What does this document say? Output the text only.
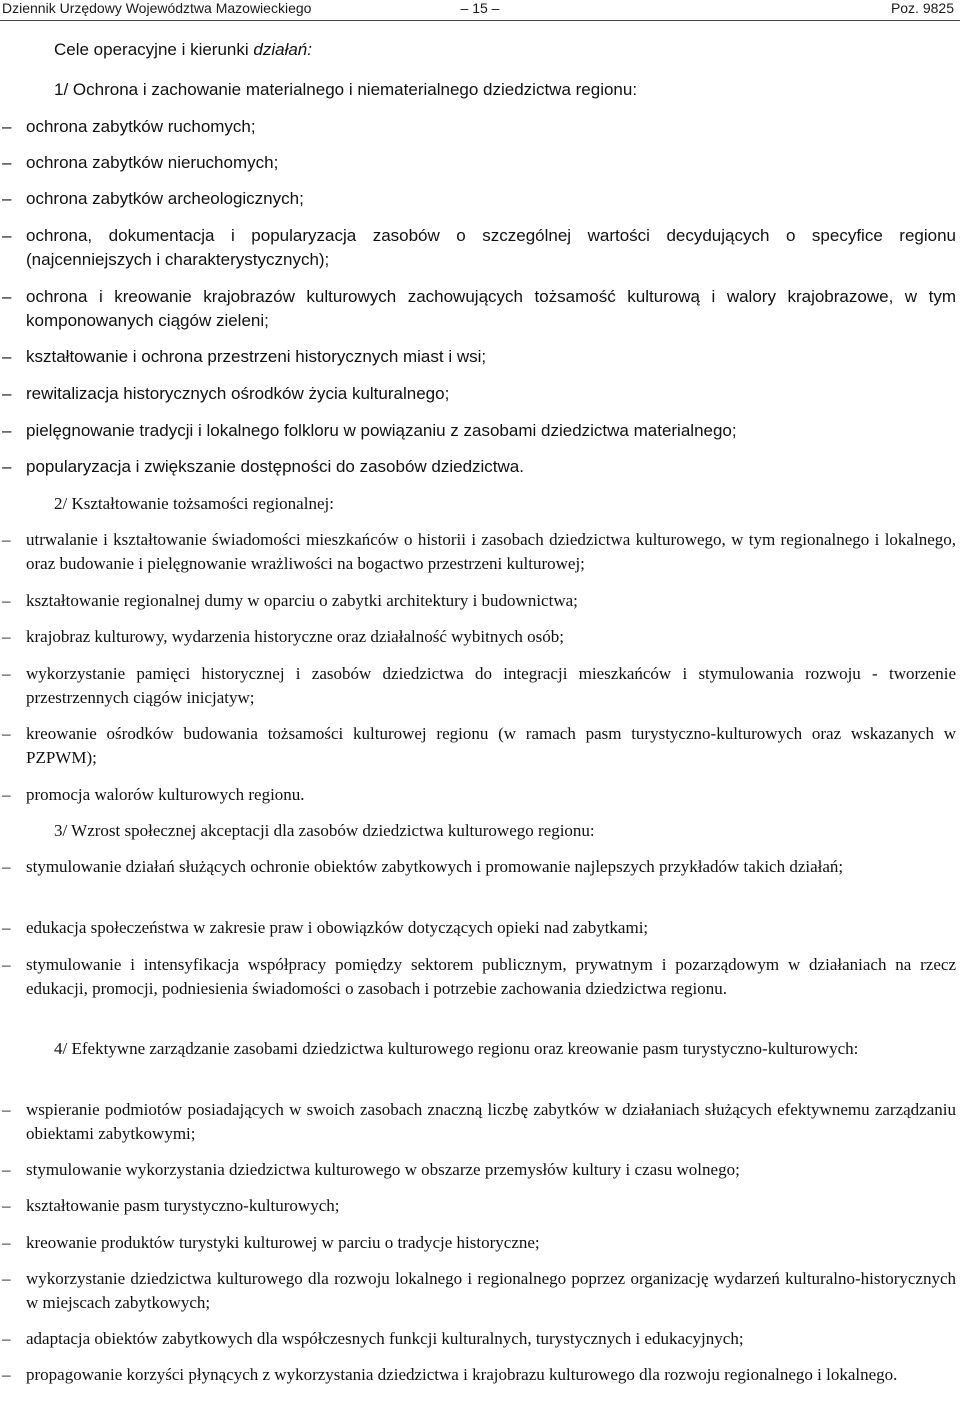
Dziennik Urzędowy Województwa Mazowieckiego	– 15 –	Poz. 9825
Cele operacyjne i kierunki działań:
1/ Ochrona i zachowanie materialnego i niematerialnego dziedzictwa regionu:
– ochrona zabytków ruchomych;
– ochrona zabytków nieruchomych;
– ochrona zabytków archeologicznych;
– ochrona, dokumentacja i popularyzacja zasobów o szczególnej wartości decydujących o specyfice regionu (najcenniejszych i charakterystycznych);
– ochrona i kreowanie krajobrazów kulturowych zachowujących tożsamość kulturową i walory krajobrazowe, w tym komponowanych ciągów zieleni;
– kształtowanie i ochrona przestrzeni historycznych miast i wsi;
– rewitalizacja historycznych ośrodków życia kulturalnego;
– pielęgnowanie tradycji i lokalnego folkloru w powiązaniu z zasobami dziedzictwa materialnego;
– popularyzacja i zwiększanie dostępności do zasobów dziedzictwa.
2/ Kształtowanie tożsamości regionalnej:
– utrwalanie i kształtowanie świadomości mieszkańców o historii i zasobach dziedzictwa kulturowego, w tym regionalnego i lokalnego, oraz budowanie i pielęgnowanie wrażliwości na bogactwo przestrzeni kulturowej;
– kształtowanie regionalnej dumy w oparciu o zabytki architektury i budownictwa;
– krajobraz kulturowy, wydarzenia historyczne oraz działalność wybitnych osób;
– wykorzystanie pamięci historycznej i zasobów dziedzictwa do integracji mieszkańców i stymulowania rozwoju - tworzenie przestrzennych ciągów inicjatyw;
– kreowanie ośrodków budowania tożsamości kulturowej regionu (w ramach pasm turystyczno-kulturowych oraz wskazanych w PZPWM);
– promocja walorów kulturowych regionu.
3/ Wzrost społecznej akceptacji dla zasobów dziedzictwa kulturowego regionu:
– stymulowanie działań służących ochronie obiektów zabytkowych i promowanie najlepszych przykładów takich działań;
– edukacja społeczeństwa w zakresie praw i obowiązków dotyczących opieki nad zabytkami;
– stymulowanie i intensyfikacja współpracy pomiędzy sektorem publicznym, prywatnym i pozarządowym w działaniach na rzecz edukacji, promocji, podniesienia świadomości o zasobach i potrzebie zachowania dziedzictwa regionu.
4/ Efektywne zarządzanie zasobami dziedzictwa kulturowego regionu oraz kreowanie pasm turystyczno-kulturowych:
– wspieranie podmiotów posiadających w swoich zasobach znaczną liczbę zabytków w działaniach służących efektywnemu zarządzaniu obiektami zabytkowymi;
– stymulowanie wykorzystania dziedzictwa kulturowego w obszarze przemysłów kultury i czasu wolnego;
– kształtowanie pasm turystyczno-kulturowych;
– kreowanie produktów turystyki kulturowej w parciu o tradycje historyczne;
– wykorzystanie dziedzictwa kulturowego dla rozwoju lokalnego i regionalnego poprzez organizację wydarzeń kulturalno-historycznych w miejscach zabytkowych;
– adaptacja obiektów zabytkowych dla współczesnych funkcji kulturalnych, turystycznych i edukacyjnych;
– propagowanie korzyści płynących z wykorzystania dziedzictwa i krajobrazu kulturowego dla rozwoju regionalnego i lokalnego.
